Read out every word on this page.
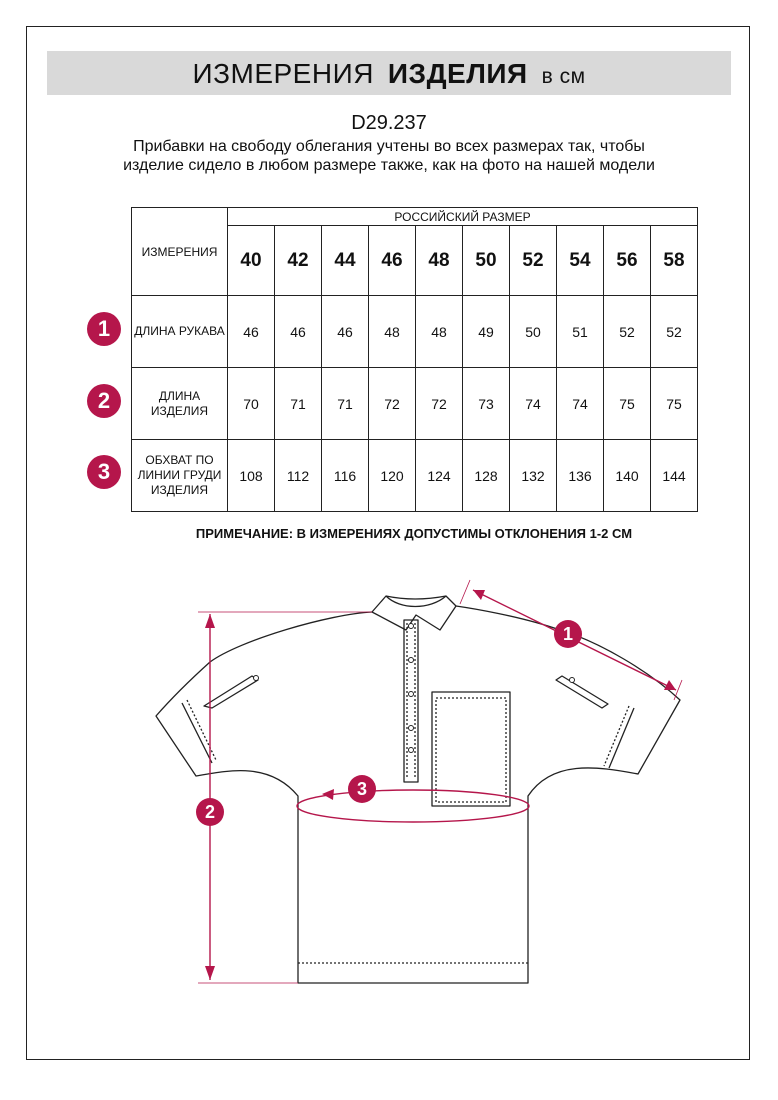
ИЗМЕРЕНИЯ ИЗДЕЛИЯ в см
D29.237
Прибавки на свободу облегания учтены во всех размерах так, чтобы изделие сидело в любом размере также, как на фото на нашей модели
ИЗМЕРЕНИЯ	РОССИЙСКИЙ РАЗМЕР									
	40	42	44	46	48	50	52	54	56	58
ДЛИНА РУКАВА	46	46	46	48	48	49	50	51	52	52
ДЛИНА ИЗДЕЛИЯ	70	71	71	72	72	73	74	74	75	75
ОБХВАТ ПО ЛИНИИ ГРУДИ ИЗДЕЛИЯ	108	112	116	120	124	128	132	136	140	144
1
2
3
ПРИМЕЧАНИЕ: В ИЗМЕРЕНИЯХ ДОПУСТИМЫ ОТКЛОНЕНИЯ 1-2 СМ
1
2
3
